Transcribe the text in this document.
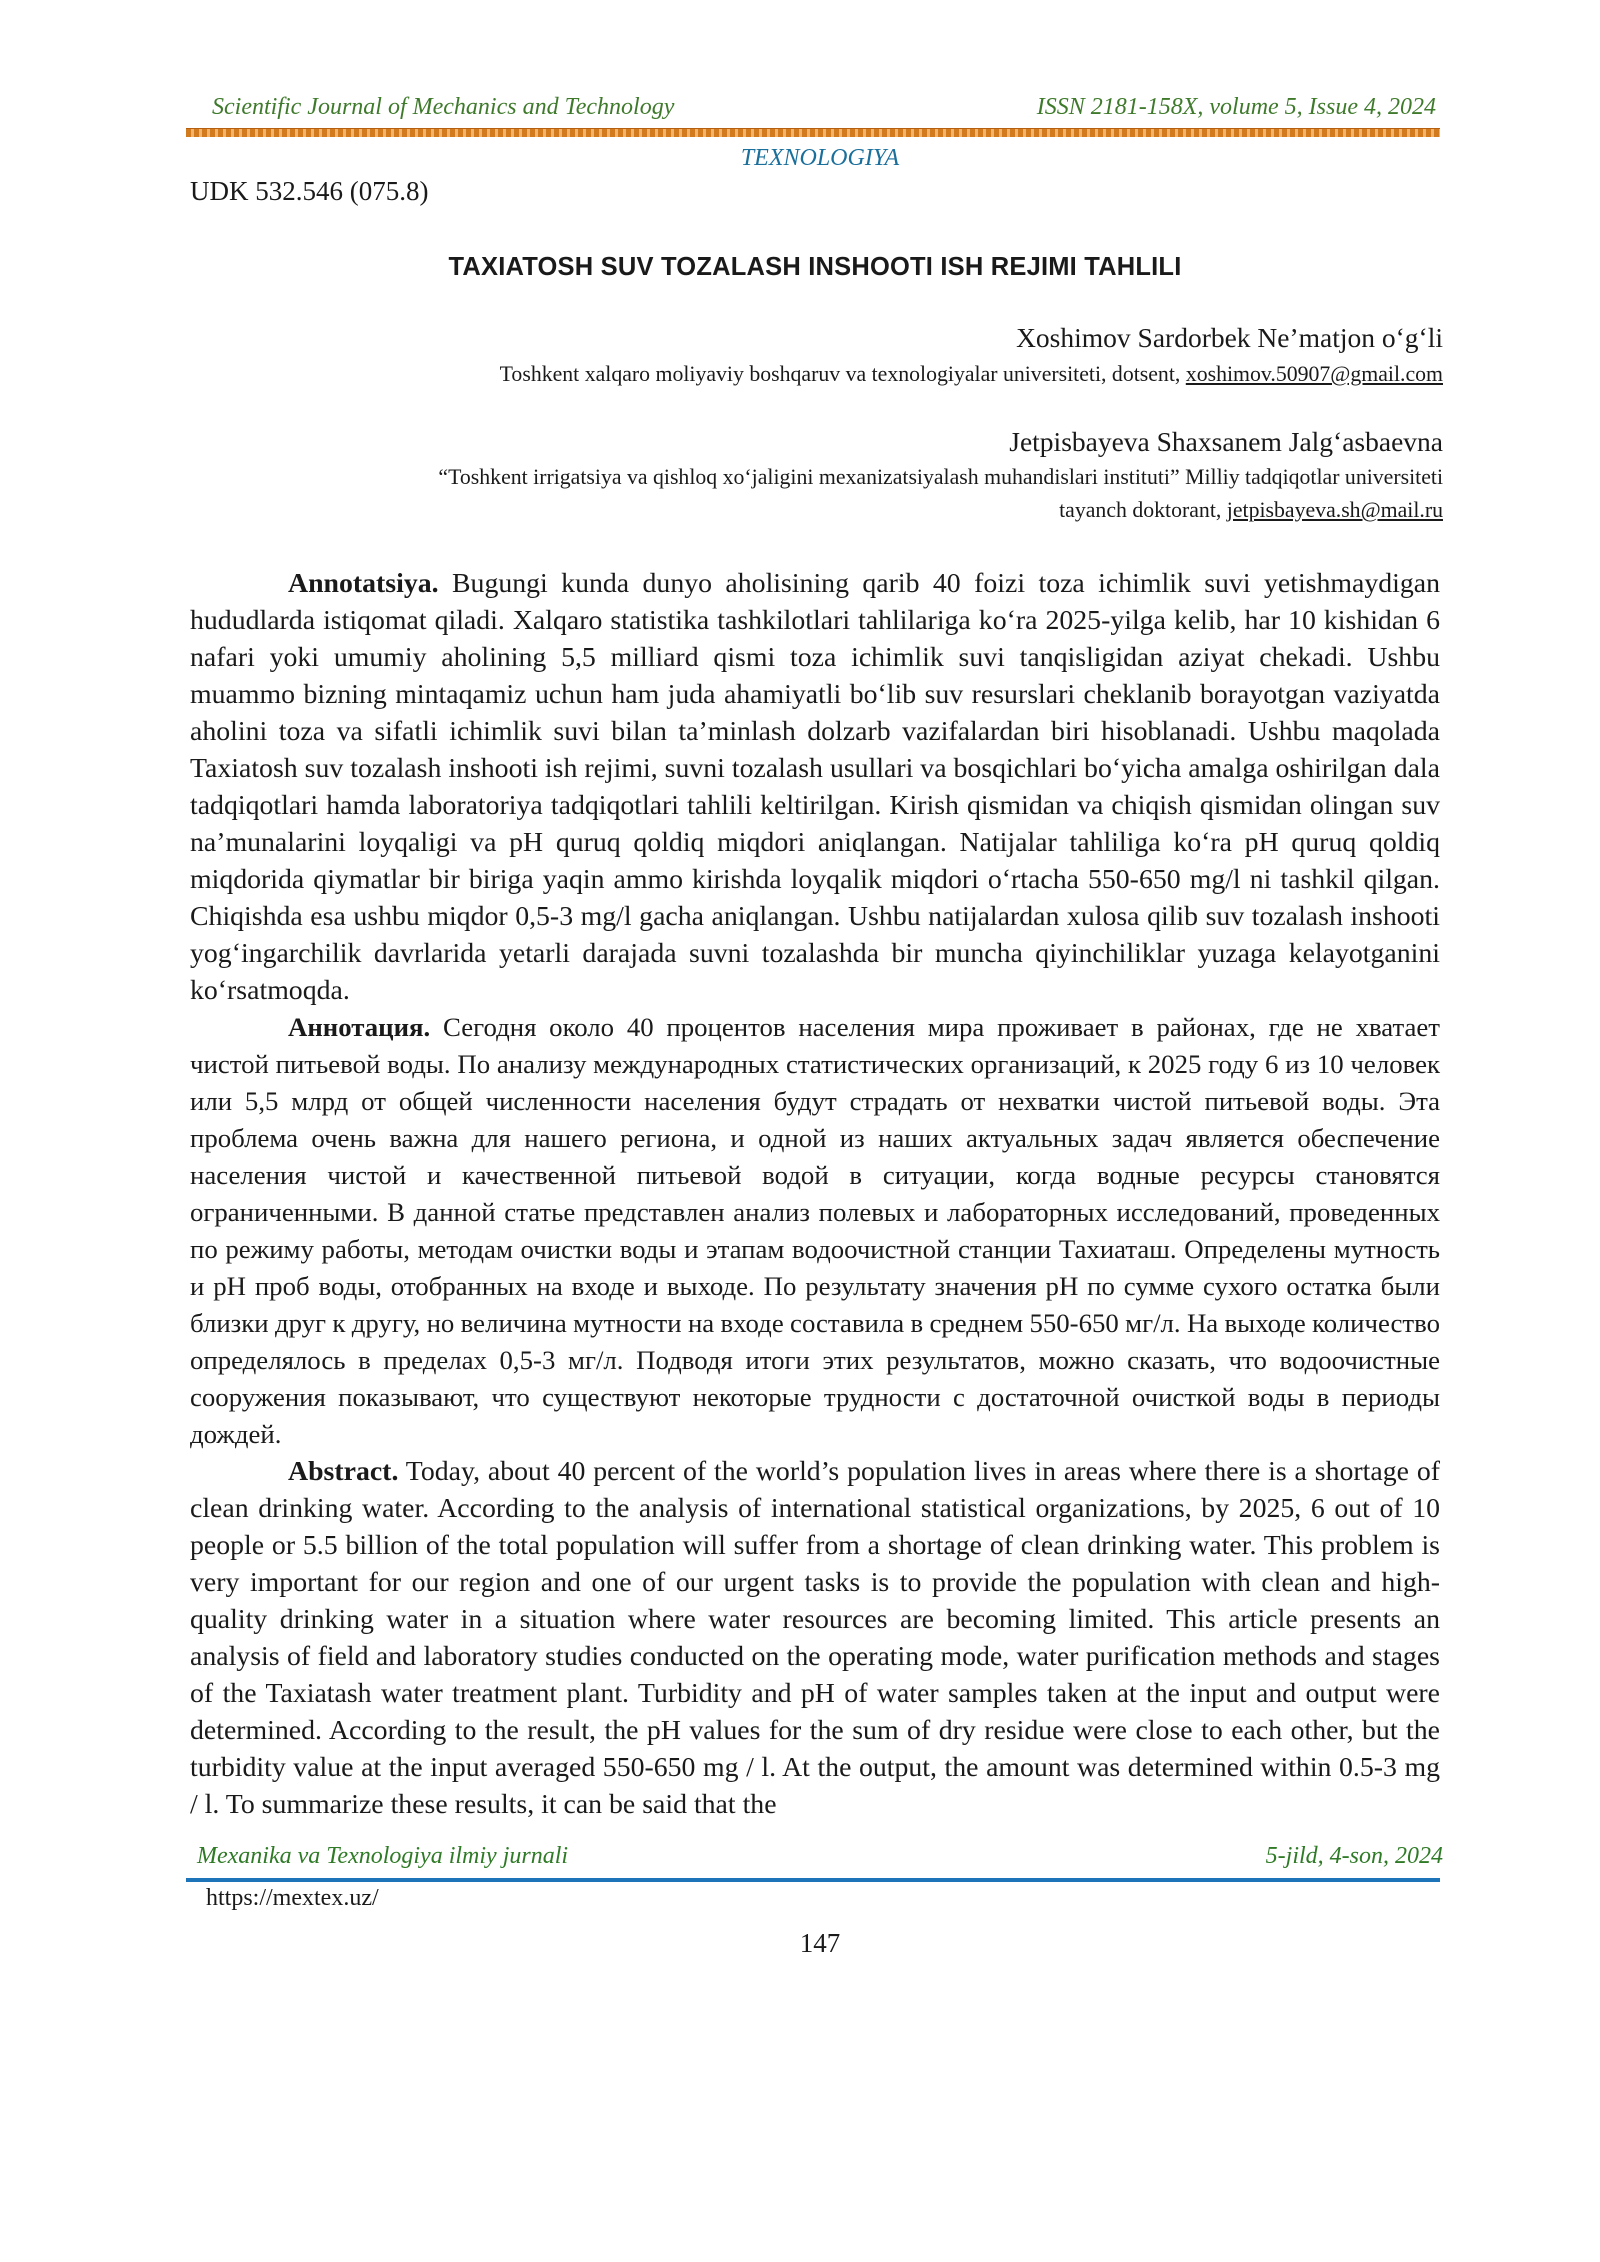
Scientific Journal of Mechanics and Technology	ISSN 2181-158X, volume 5, Issue 4, 2024
TEXNOLOGIYA
UDK 532.546 (075.8)
TAXIATOSH SUV TOZALASH INSHOOTI ISH REJIMI TAHLILI
Xoshimov Sardorbek Ne’matjon o‘g‘li
Toshkent xalqaro moliyaviy boshqaruv va texnologiyalar universiteti, dotsent, xoshimov.50907@gmail.com
Jetpisbayeva Shaxsanem Jalg‘asbaevna
“Toshkent irrigatsiya va qishloq xo‘jaligini mexanizatsiyalash muhandislari instituti” Milliy tadqiqotlar universiteti
tayanch doktorant, jetpisbayeva.sh@mail.ru

Annotatsiya. Bugungi kunda dunyo aholisining qarib 40 foizi toza ichimlik suvi yetishmaydigan hududlarda istiqomat qiladi. Xalqaro statistika tashkilotlari tahlilariga ko‘ra 2025-yilga kelib, har 10 kishidan 6 nafari yoki umumiy aholining 5,5 milliard qismi toza ichimlik suvi tanqisligidan aziyat chekadi. Ushbu muammo bizning mintaqamiz uchun ham juda ahamiyatli bo‘lib suv resurslari cheklanib borayotgan vaziyatda aholini toza va sifatli ichimlik suvi bilan ta’minlash dolzarb vazifalardan biri hisoblanadi. Ushbu maqolada Taxiatosh suv tozalash inshooti ish rejimi, suvni tozalash usullari va bosqichlari bo‘yicha amalga oshirilgan dala tadqiqotlari hamda laboratoriya tadqiqotlari tahlili keltirilgan. Kirish qismidan va chiqish qismidan olingan suv na’munalarini loyqaligi va pH quruq qoldiq miqdori aniqlangan. Natijalar tahliliga ko‘ra pH quruq qoldiq miqdorida qiymatlar bir biriga yaqin ammo kirishda loyqalik miqdori o‘rtacha 550-650 mg/l ni tashkil qilgan. Chiqishda esa ushbu miqdor 0,5-3 mg/l gacha aniqlangan. Ushbu natijalardan xulosa qilib suv tozalash inshooti yog‘ingarchilik davrlarida yetarli darajada suvni tozalashda bir muncha qiyinchiliklar yuzaga kelayotganini ko‘rsatmoqda.

Аннотация. Сегодня около 40 процентов населения мира проживает в районах, где не хватает чистой питьевой воды. По анализу международных статистических организаций, к 2025 году 6 из 10 человек или 5,5 млрд от общей численности населения будут страдать от нехватки чистой питьевой воды. Эта проблема очень важна для нашего региона, и одной из наших актуальных задач является обеспечение населения чистой и качественной питьевой водой в ситуации, когда водные ресурсы становятся ограниченными. В данной статье представлен анализ полевых и лабораторных исследований, проведенных по режиму работы, методам очистки воды и этапам водоочистной станции Тахиаташ. Определены мутность и pH проб воды, отобранных на входе и выходе. По результату значения pH по сумме сухого остатка были близки друг к другу, но величина мутности на входе составила в среднем 550-650 мг/л. На выходе количество определялось в пределах 0,5-3 мг/л. Подводя итоги этих результатов, можно сказать, что водоочистные сооружения показывают, что существуют некоторые трудности с достаточной очисткой воды в периоды дождей.

Abstract. Today, about 40 percent of the world’s population lives in areas where there is a shortage of clean drinking water. According to the analysis of international statistical organizations, by 2025, 6 out of 10 people or 5.5 billion of the total population will suffer from a shortage of clean drinking water. This problem is very important for our region and one of our urgent tasks is to provide the population with clean and high-quality drinking water in a situation where water resources are becoming limited. This article presents an analysis of field and laboratory studies conducted on the operating mode, water purification methods and stages of the Taxiatash water treatment plant. Turbidity and pH of water samples taken at the input and output were determined. According to the result, the pH values for the sum of dry residue were close to each other, but the turbidity value at the input averaged 550-650 mg / l. At the output, the amount was determined within 0.5-3 mg / l. To summarize these results, it can be said that the

Mexanika va Texnologiya ilmiy jurnali	5-jild, 4-son, 2024
https://mextex.uz/
147
